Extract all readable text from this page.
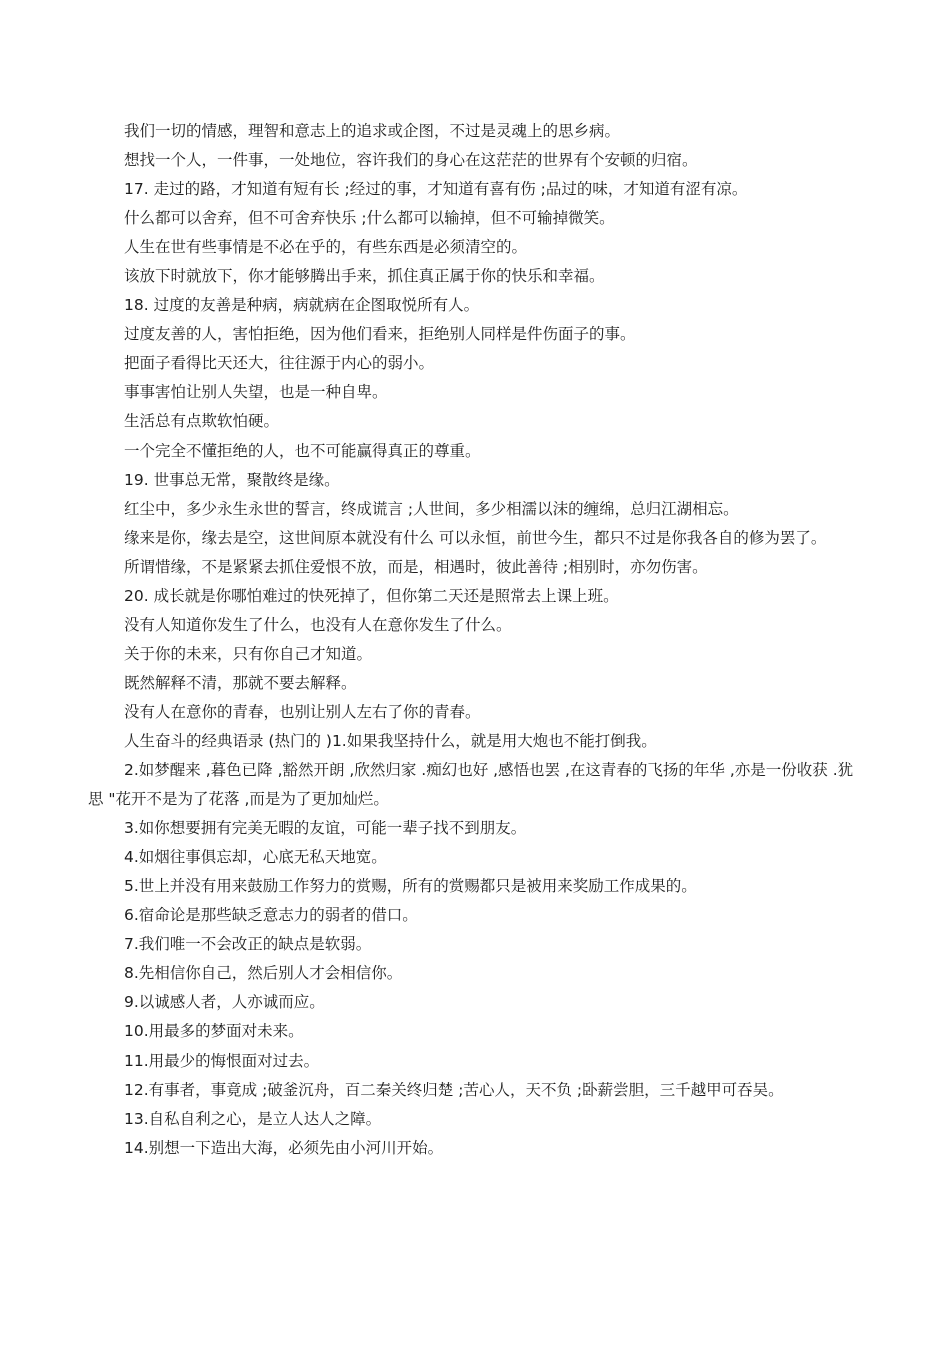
我们一切的情感，理智和意志上的追求或企图，不过是灵魂上的思乡病。

想找一个人，一件事，一处地位，容许我们的身心在这茫茫的世界有个安顿的归宿。

17. 走过的路，才知道有短有长 ;经过的事，才知道有喜有伤 ;品过的味，才知道有涩有凉。

什么都可以舍弃，但不可舍弃快乐 ;什么都可以输掉，但不可输掉微笑。

人生在世有些事情是不必在乎的，有些东西是必须清空的。

该放下时就放下，你才能够腾出手来，抓住真正属于你的快乐和幸福。

18. 过度的友善是种病，病就病在企图取悦所有人。

过度友善的人，害怕拒绝，因为他们看来，拒绝别人同样是件伤面子的事。

把面子看得比天还大，往往源于内心的弱小。

事事害怕让别人失望，也是一种自卑。

生活总有点欺软怕硬。

一个完全不懂拒绝的人，也不可能赢得真正的尊重。

19. 世事总无常，聚散终是缘。

红尘中，多少永生永世的誓言，终成谎言 ;人世间，多少相濡以沫的缠绵，总归江湖相忘。

缘来是你，缘去是空，这世间原本就没有什么 可以永恒，前世今生，都只不过是你我各自的修为罢了。

所谓惜缘，不是紧紧去抓住爱恨不放，而是，相遇时，彼此善待 ;相别时，亦勿伤害。

20. 成长就是你哪怕难过的快死掉了，但你第二天还是照常去上课上班。

没有人知道你发生了什么，也没有人在意你发生了什么。

关于你的未来，只有你自己才知道。

既然解释不清，那就不要去解释。

没有人在意你的青春，也别让别人左右了你的青春。

人生奋斗的经典语录 (热门的 )1.如果我坚持什么，就是用大炮也不能打倒我。

2.如梦醒来 ,暮色已降 ,豁然开朗 ,欣然归家 .痴幻也好 ,感悟也罢 ,在这青春的飞扬的年华 ,亦是一份收获 .犹思 "花开不是为了花落 ,而是为了更加灿烂。

3.如你想要拥有完美无暇的友谊，可能一辈子找不到朋友。

4.如烟往事俱忘却，心底无私天地宽。

5.世上并没有用来鼓励工作努力的赏赐，所有的赏赐都只是被用来奖励工作成果的。

6.宿命论是那些缺乏意志力的弱者的借口。

7.我们唯一不会改正的缺点是软弱。

8.先相信你自己，然后别人才会相信你。

9.以诚感人者，人亦诚而应。

10.用最多的梦面对未来。

11.用最少的悔恨面对过去。

12.有事者，事竟成 ;破釜沉舟，百二秦关终归楚 ;苦心人，天不负 ;卧薪尝胆，三千越甲可吞吴。

13.自私自利之心，是立人达人之障。

14.别想一下造出大海，必须先由小河川开始。
